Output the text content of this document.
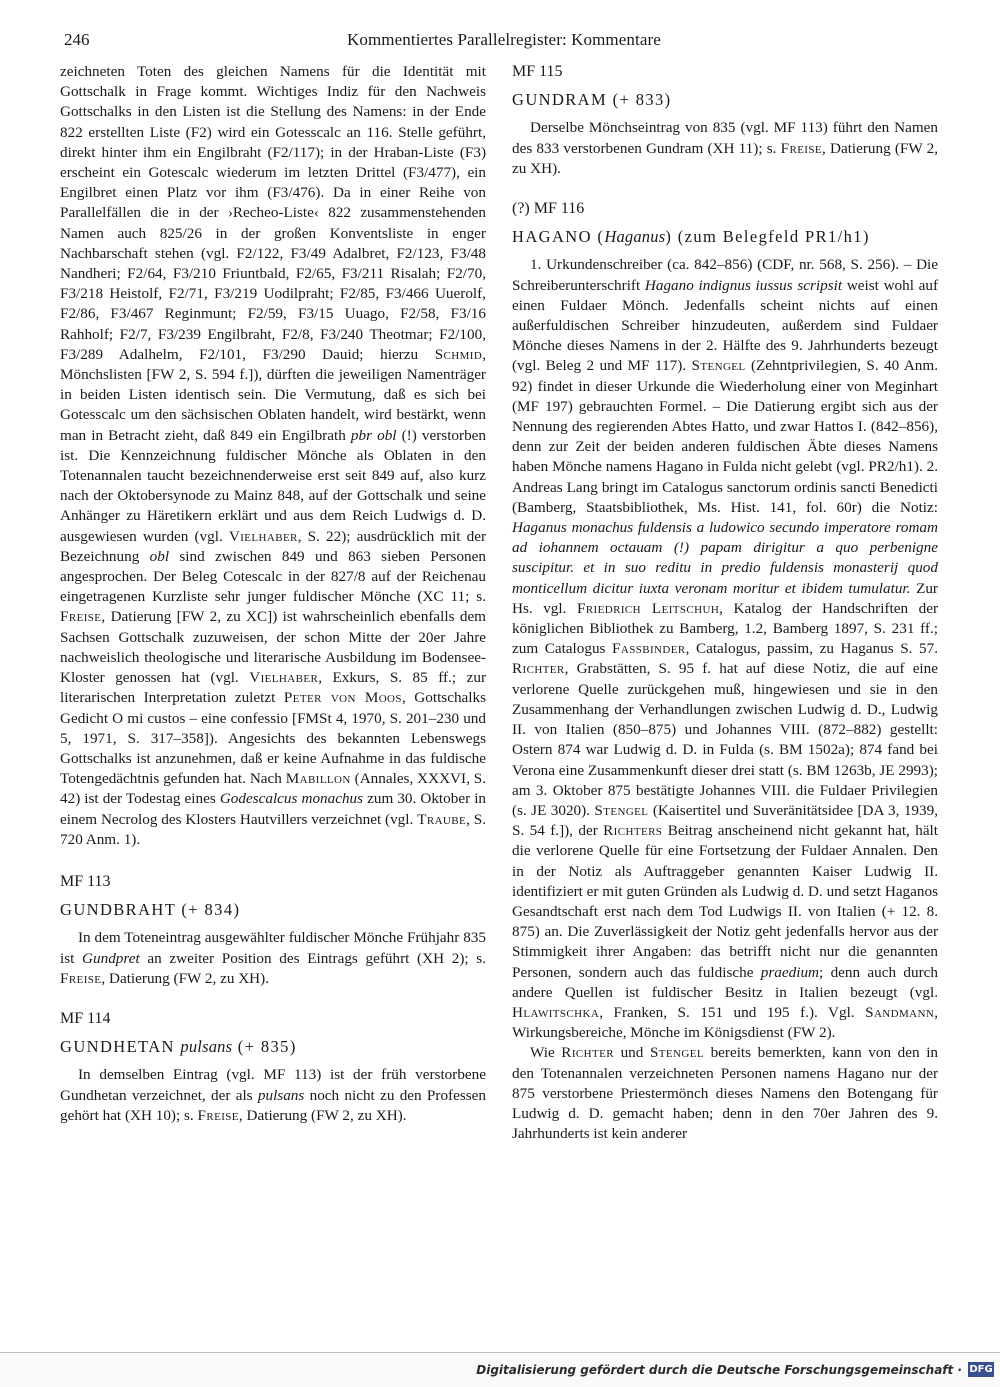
246	Kommentiertes Parallelregister: Kommentare

zeichneten Toten des gleichen Namens für die Identität mit Gottschalk in Frage kommt. Wichtiges Indiz für den Nachweis Gottschalks in den Listen ist die Stellung des Namens: in der Ende 822 erstellten Liste (F2) wird ein Gotesscalc an 116. Stelle geführt, direkt hinter ihm ein Engilbraht (F2/117); in der Hraban-Liste (F3) erscheint ein Gotescalc wiederum im letzten Drittel (F3/477), ein Engilbret einen Platz vor ihm (F3/476). Da in einer Reihe von Parallelfällen die in der ›Recheo-Liste‹ 822 zusammenstehenden Namen auch 825/26 in der großen Konventsliste in enger Nachbarschaft stehen (vgl. F2/122, F3/49 Adalbret, F2/123, F3/48 Nandheri; F2/64, F3/210 Friuntbald, F2/65, F3/211 Risalah; F2/70, F3/218 Heistolf, F2/71, F3/219 Uodilpraht; F2/85, F3/466 Uuerolf, F2/86, F3/467 Reginmunt; F2/59, F3/15 Uuago, F2/58, F3/16 Rahholf; F2/7, F3/239 Engilbraht, F2/8, F3/240 Theotmar; F2/100, F3/289 Adalhelm, F2/101, F3/290 Dauid; hierzu Schmid, Mönchslisten [FW 2, S. 594 f.]), dürften die jeweiligen Namenträger in beiden Listen identisch sein. Die Vermutung, daß es sich bei Gotesscalc um den sächsischen Oblaten handelt, wird bestärkt, wenn man in Betracht zieht, daß 849 ein Engilbrath pbr obl (!) verstorben ist. Die Kennzeichnung fuldischer Mönche als Oblaten in den Totenannalen taucht bezeichnenderweise erst seit 849 auf, also kurz nach der Oktobersynode zu Mainz 848, auf der Gottschalk und seine Anhänger zu Häretikern erklärt und aus dem Reich Ludwigs d. D. ausgewiesen wurden (vgl. Vielhaber, S. 22); ausdrücklich mit der Bezeichnung obl sind zwischen 849 und 863 sieben Personen angesprochen. Der Beleg Cotescalc in der 827/8 auf der Reichenau eingetragenen Kurzliste sehr junger fuldischer Mönche (XC 11; s. Freise, Datierung [FW 2, zu XC]) ist wahrscheinlich ebenfalls dem Sachsen Gottschalk zuzuweisen, der schon Mitte der 20er Jahre nachweislich theologische und literarische Ausbildung im Bodensee-Kloster genossen hat (vgl. Vielhaber, Exkurs, S. 85 ff.; zur literarischen Interpretation zuletzt Peter von Moos, Gottschalks Gedicht O mi custos – eine confessio [FMSt 4, 1970, S. 201–230 und 5, 1971, S. 317–358]). Angesichts des bekannten Lebenswegs Gottschalks ist anzunehmen, daß er keine Aufnahme in das fuldische Totengedächtnis gefunden hat. Nach Mabillon (Annales, XXXVI, S. 42) ist der Todestag eines Godescalcus monachus zum 30. Oktober in einem Necrolog des Klosters Hautvillers verzeichnet (vgl. Traube, S. 720 Anm. 1).

MF 113

GUNDBRAHT (+ 834)

In dem Toteneintrag ausgewählter fuldischer Mönche Frühjahr 835 ist Gundpret an zweiter Position des Eintrags geführt (XH 2); s. Freise, Datierung (FW 2, zu XH).

MF 114

GUNDHETAN pulsans (+ 835)

In demselben Eintrag (vgl. MF 113) ist der früh verstorbene Gundhetan verzeichnet, der als pulsans noch nicht zu den Professen gehört hat (XH 10); s. Freise, Datierung (FW 2, zu XH).

MF 115

GUNDRAM (+ 833)

Derselbe Mönchseintrag von 835 (vgl. MF 113) führt den Namen des 833 verstorbenen Gundram (XH 11); s. Freise, Datierung (FW 2, zu XH).

(?) MF 116

HAGANO (Haganus) (zum Belegfeld PR1/h1)

1. Urkundenschreiber (ca. 842–856) (CDF, nr. 568, S. 256). – Die Schreiberunterschrift Hagano indignus iussus scripsit weist wohl auf einen Fuldaer Mönch. Jedenfalls scheint nichts auf einen außerfuldischen Schreiber hinzudeuten, außerdem sind Fuldaer Mönche dieses Namens in der 2. Hälfte des 9. Jahrhunderts bezeugt (vgl. Beleg 2 und MF 117). Stengel (Zehntprivilegien, S. 40 Anm. 92) findet in dieser Urkunde die Wiederholung einer von Meginhart (MF 197) gebrauchten Formel. – Die Datierung ergibt sich aus der Nennung des regierenden Abtes Hatto, und zwar Hattos I. (842–856), denn zur Zeit der beiden anderen fuldischen Äbte dieses Namens haben Mönche namens Hagano in Fulda nicht gelebt (vgl. PR2/h1). 2. Andreas Lang bringt im Catalogus sanctorum ordinis sancti Benedicti (Bamberg, Staatsbibliothek, Ms. Hist. 141, fol. 60r) die Notiz: Haganus monachus fuldensis a ludowico secundo imperatore romam ad iohannem octauam (!) papam dirigitur a quo perbenigne suscipitur. et in suo reditu in predio fuldensis monasterij quod monticellum dicitur iuxta veronam moritur et ibidem tumulatur. Zur Hs. vgl. Friedrich Leitschuh, Katalog der Handschriften der königlichen Bibliothek zu Bamberg, 1.2, Bamberg 1897, S. 231 ff.; zum Catalogus Fassbinder, Catalogus, passim, zu Haganus S. 57. Richter, Grabstätten, S. 95 f. hat auf diese Notiz, die auf eine verlorene Quelle zurückgehen muß, hingewiesen und sie in den Zusammenhang der Verhandlungen zwischen Ludwig d. D., Ludwig II. von Italien (850–875) und Johannes VIII. (872–882) gestellt: Ostern 874 war Ludwig d. D. in Fulda (s. BM 1502a); 874 fand bei Verona eine Zusammenkunft dieser drei statt (s. BM 1263b, JE 2993); am 3. Oktober 875 bestätigte Johannes VIII. die Fuldaer Privilegien (s. JE 3020). Stengel (Kaisertitel und Suveränitätsidee [DA 3, 1939, S. 54 f.]), der Richters Beitrag anscheinend nicht gekannt hat, hält die verlorene Quelle für eine Fortsetzung der Fuldaer Annalen. Den in der Notiz als Auftraggeber genannten Kaiser Ludwig II. identifiziert er mit guten Gründen als Ludwig d. D. und setzt Haganos Gesandtschaft erst nach dem Tod Ludwigs II. von Italien (+ 12. 8. 875) an. Die Zuverlässigkeit der Notiz geht jedenfalls hervor aus der Stimmigkeit ihrer Angaben: das betrifft nicht nur die genannten Personen, sondern auch das fuldische praedium; denn auch durch andere Quellen ist fuldischer Besitz in Italien bezeugt (vgl. Hlawitschka, Franken, S. 151 und 195 f.). Vgl. Sandmann, Wirkungsbereiche, Mönche im Königsdienst (FW 2).

Wie Richter und Stengel bereits bemerkten, kann von den in den Totenannalen verzeichneten Personen namens Hagano nur der 875 verstorbene Priestermönch dieses Namens den Botengang für Ludwig d. D. gemacht haben; denn in den 70er Jahren des 9. Jahrhunderts ist kein anderer

Digitalisierung gefördert durch die Deutsche Forschungsgemeinschaft · DFG
